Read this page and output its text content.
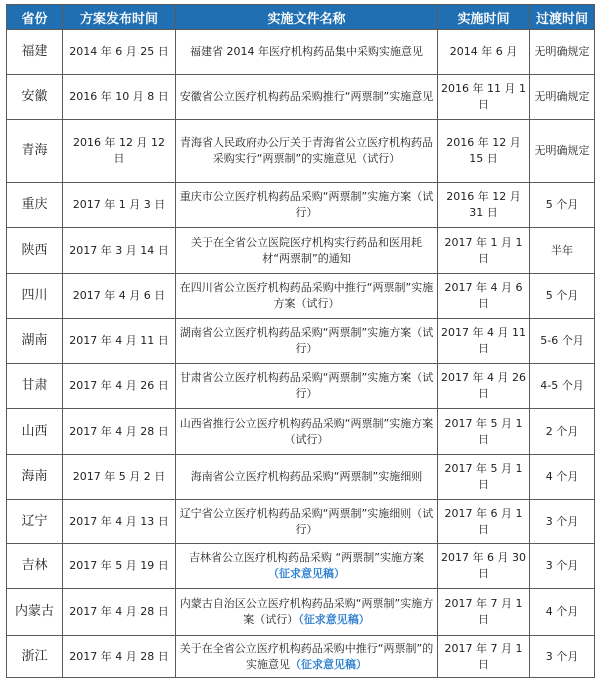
省份	方案发布时间	实施文件名称	实施时间	过渡时间
福建	2014 年 6 月 25 日	福建省 2014 年医疗机构药品集中采购实施意见	2014 年 6 月	无明确规定
安徽	2016 年 10 月 8 日	安徽省公立医疗机构药品采购推行“两票制”实施意见	2016 年 11 月 1 日	无明确规定
青海	2016 年 12 月 12 日	青海省人民政府办公厅关于青海省公立医疗机构药品采购实行“两票制”的实施意见（试行）	2016 年 12 月 15 日	无明确规定
重庆	2017 年 1 月 3 日	重庆市公立医疗机构药品采购“两票制”实施方案（试行）	2016 年 12 月 31 日	5 个月
陕西	2017 年 3 月 14 日	关于在全省公立医院医疗机构实行药品和医用耗材“两票制”的通知	2017 年 1 月 1 日	半年
四川	2017 年 4 月 6 日	在四川省公立医疗机构药品采购中推行“两票制”实施方案（试行）	2017 年 4 月 6 日	5 个月
湖南	2017 年 4 月 11 日	湖南省公立医疗机构药品采购“两票制”实施方案（试行）	2017 年 4 月 11 日	5-6 个月
甘肃	2017 年 4 月 26 日	甘肃省公立医疗机构药品采购“两票制”实施方案（试行）	2017 年 4 月 26 日	4-5 个月
山西	2017 年 4 月 28 日	山西省推行公立医疗机构药品采购“两票制”实施方案（试行）	2017 年 5 月 1 日	2 个月
海南	2017 年 5 月 2 日	海南省公立医疗机构药品采购“两票制”实施细则	2017 年 5 月 1 日	4 个月
辽宁	2017 年 4 月 13 日	辽宁省公立医疗机构药品采购“两票制”实施细则（试行）	2017 年 6 月 1 日	3 个月
吉林	2017 年 5 月 19 日	吉林省公立医疗机构药品采购 “两票制”实施方案（征求意见稿）	2017 年 6 月 30 日	3 个月
内蒙古	2017 年 4 月 28 日	内蒙古自治区公立医疗机构药品采购“两票制”实施方案（试行）（征求意见稿）	2017 年 7 月 1 日	4 个月
浙江	2017 年 4 月 28 日	关于在全省公立医疗机构药品采购中推行“两票制”的实施意见（征求意见稿）	2017 年 7 月 1 日	3 个月
